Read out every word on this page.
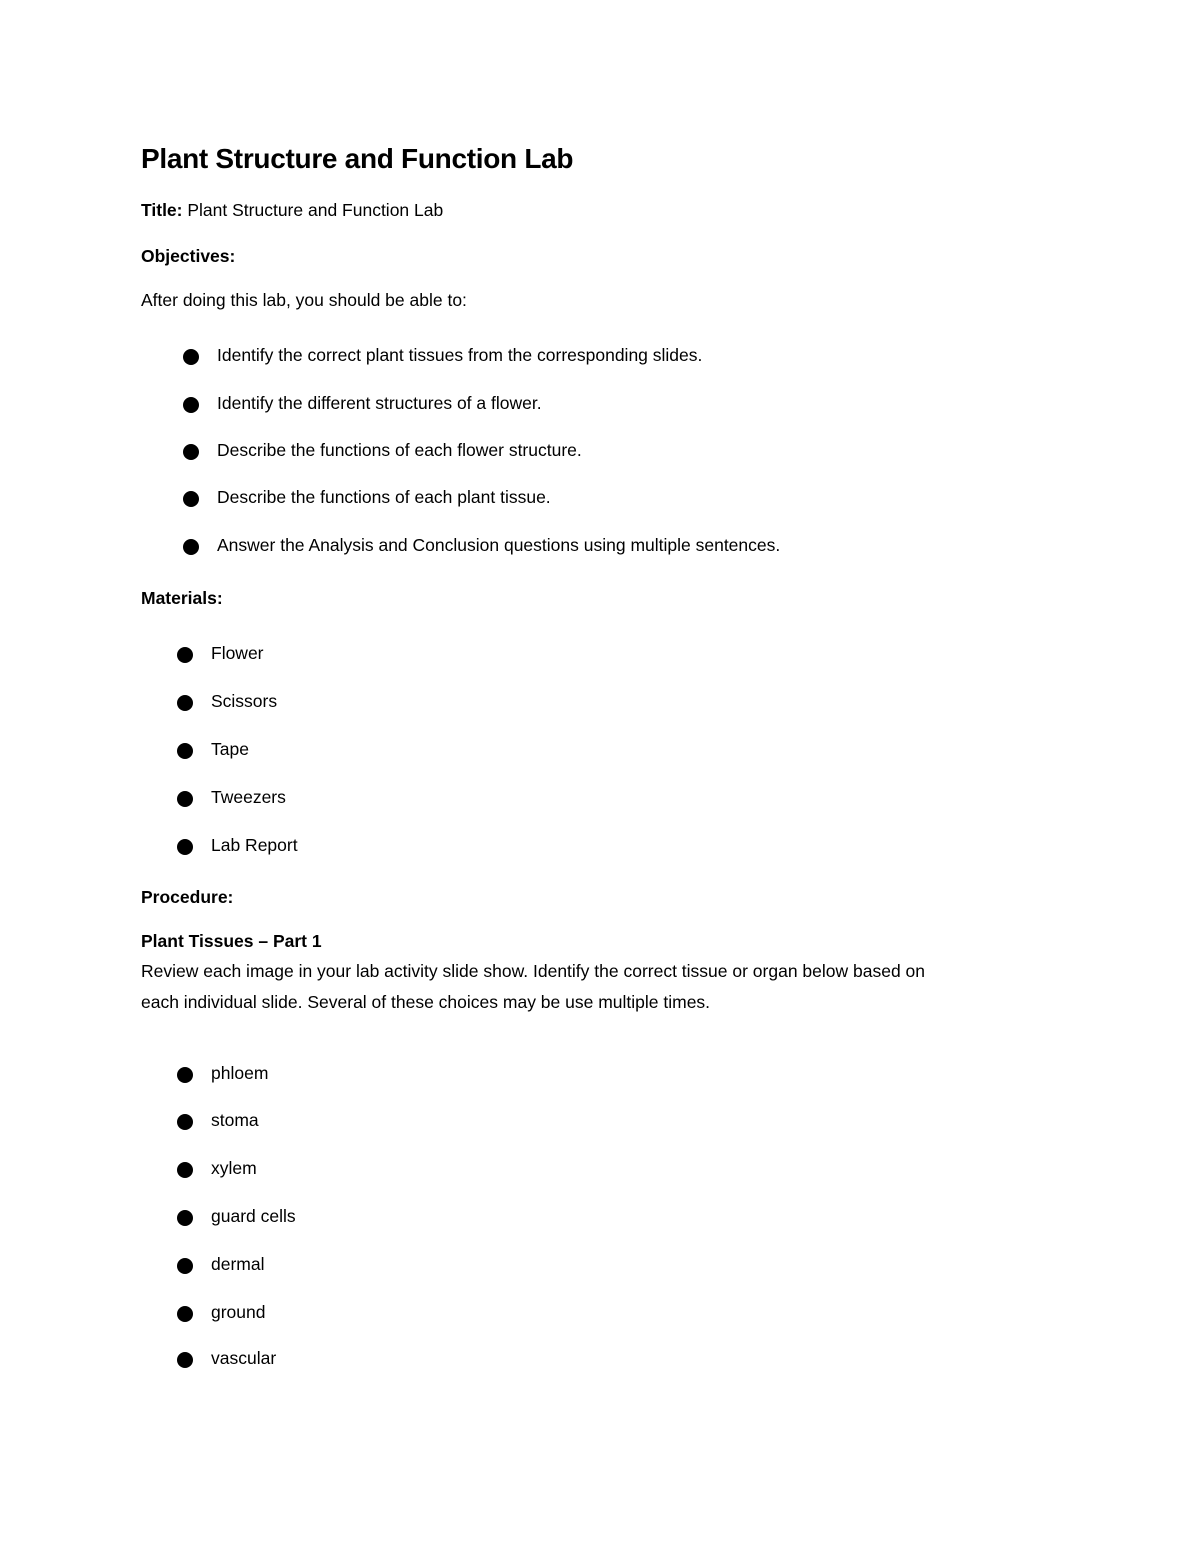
Plant Structure and Function Lab
Title: Plant Structure and Function Lab
Objectives:
After doing this lab, you should be able to:
Identify the correct plant tissues from the corresponding slides.
Identify the different structures of a flower.
Describe the functions of each flower structure.
Describe the functions of each plant tissue.
Answer the Analysis and Conclusion questions using multiple sentences.
Materials:
Flower
Scissors
Tape
Tweezers
Lab Report
Procedure:
Plant Tissues – Part 1
Review each image in your lab activity slide show. Identify the correct tissue or organ below based on
each individual slide. Several of these choices may be use multiple times.
phloem
stoma
xylem
guard cells
dermal
ground
vascular
